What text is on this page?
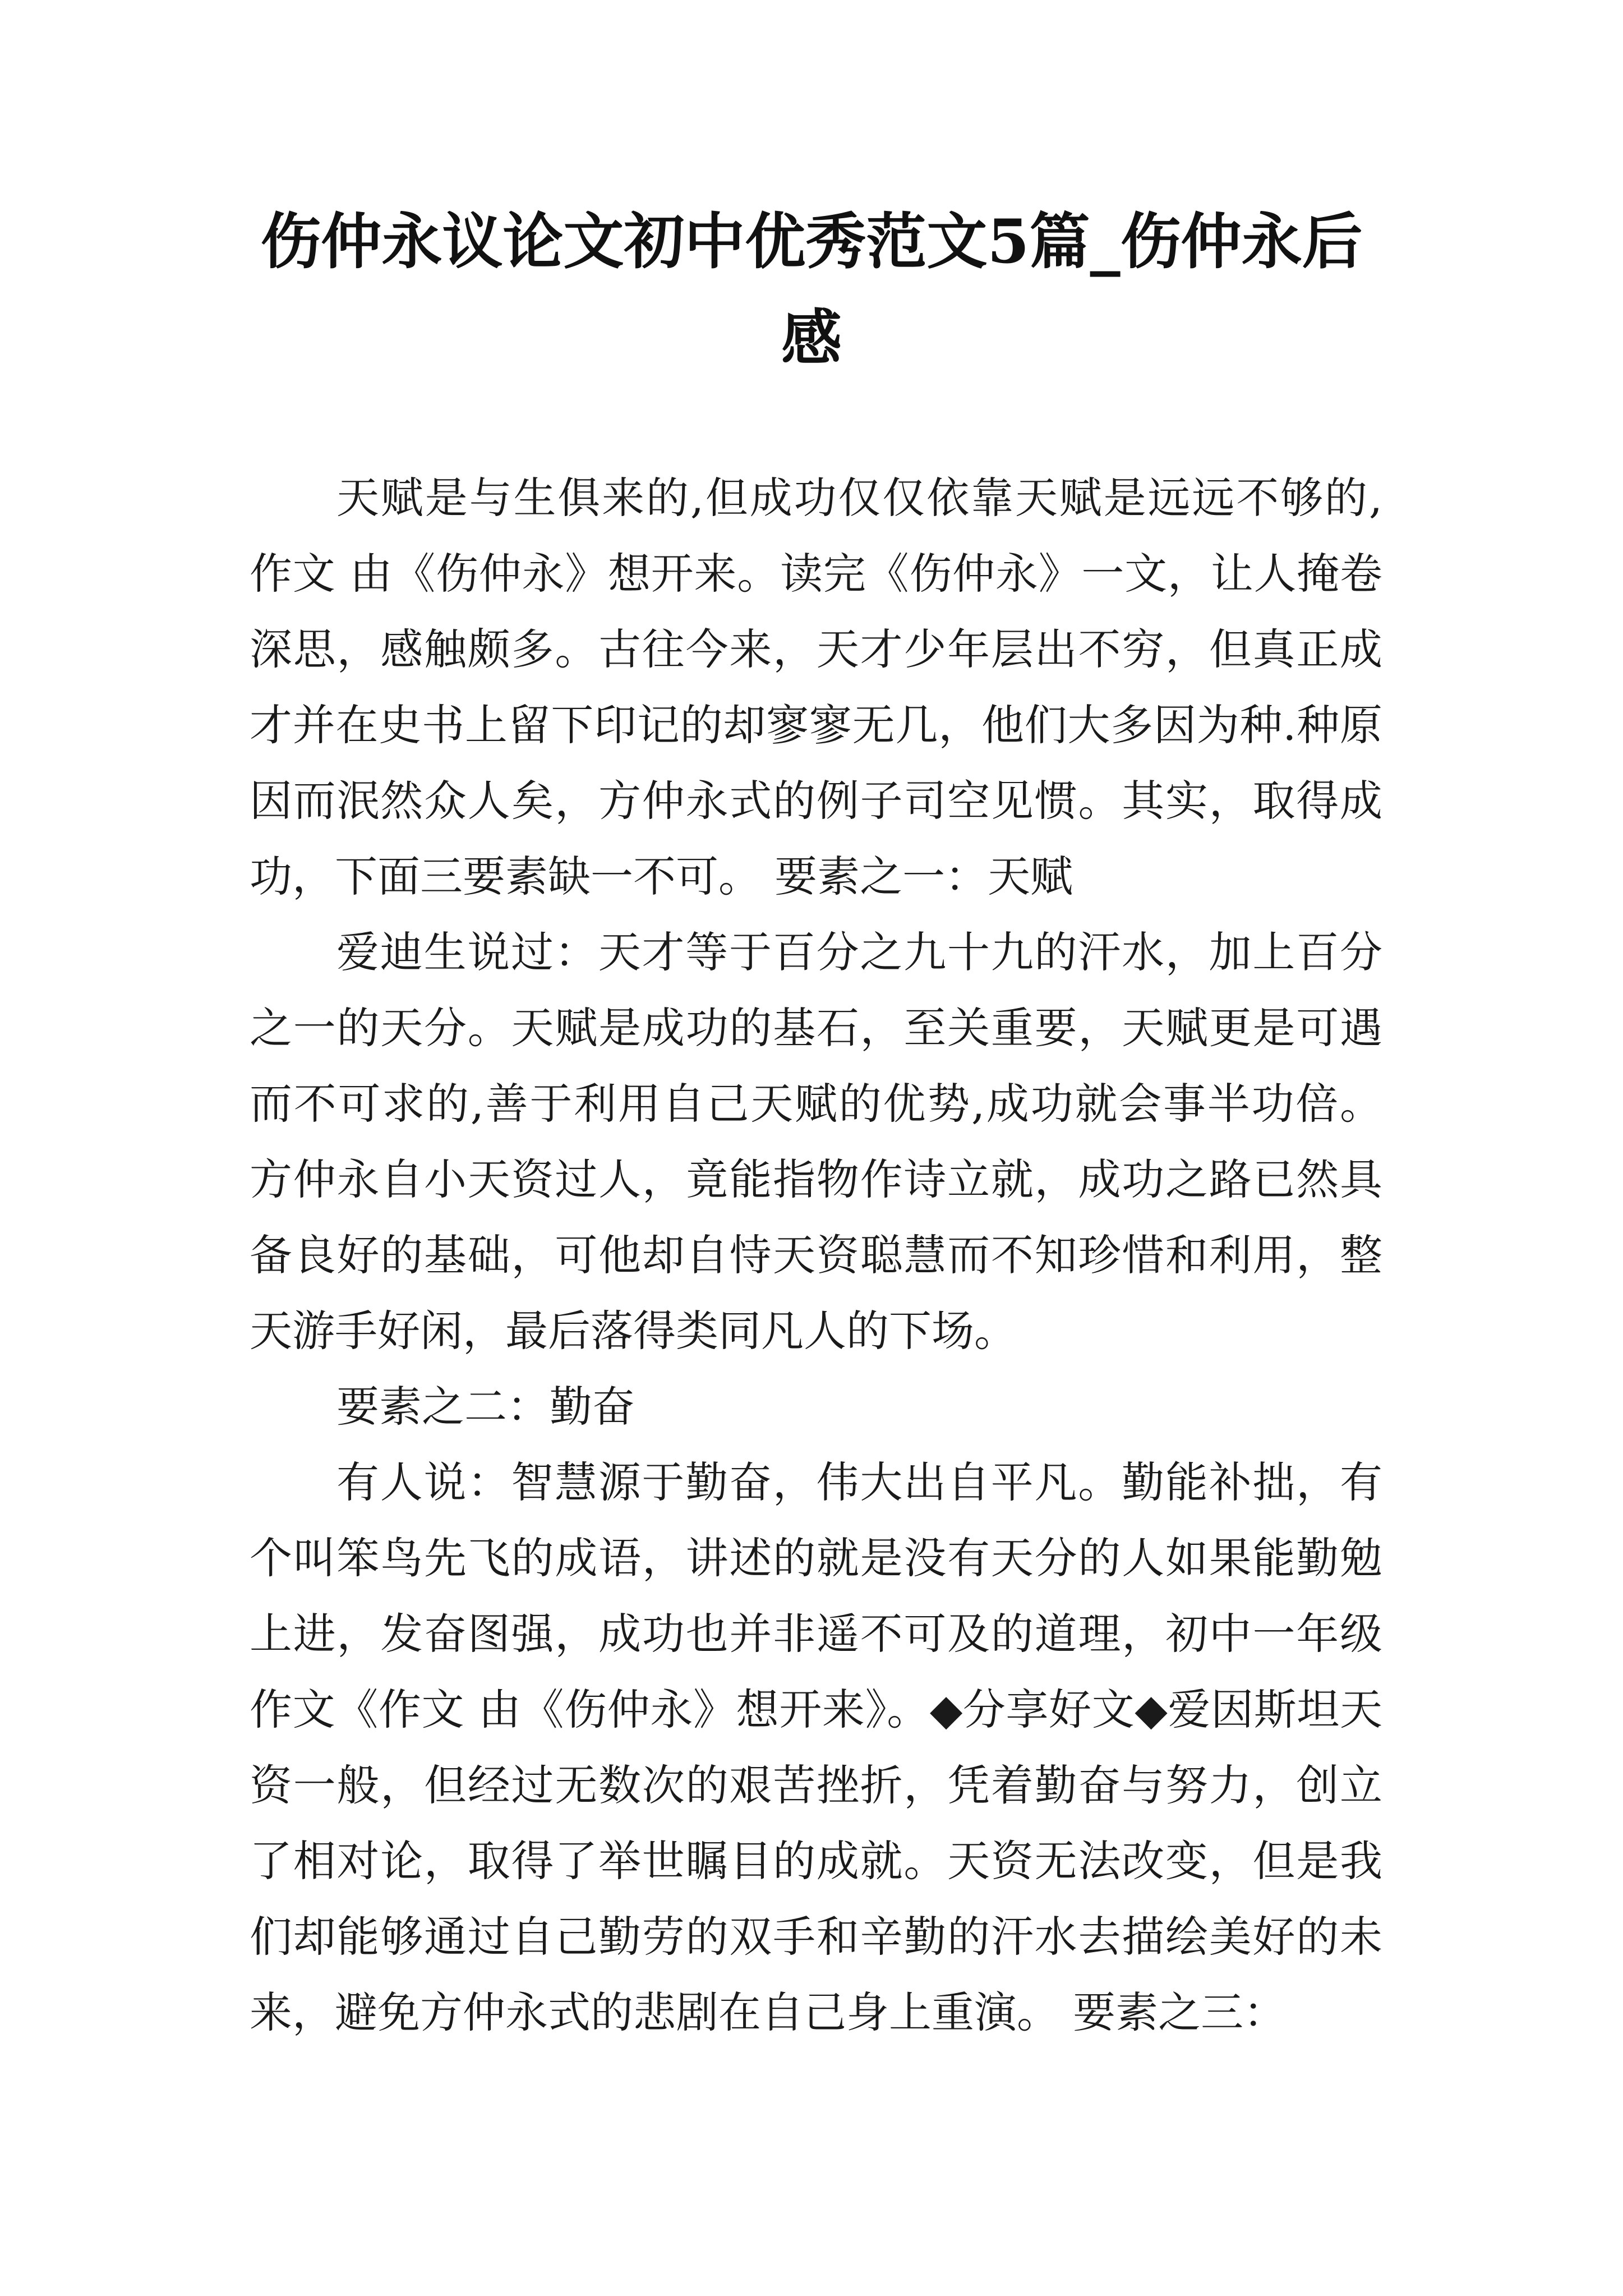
伤仲永议论文初中优秀范文5篇_伤仲永后感

天赋是与生俱来的,但成功仅仅依靠天赋是远远不够的,作文 由《伤仲永》想开来。读完《伤仲永》一文，让人掩卷深思，感触颇多。古往今来，天才少年层出不穷，但真正成才并在史书上留下印记的却寥寥无几，他们大多因为种.种原因而泯然众人矣，方仲永式的例子司空见惯。其实，取得成功，下面三要素缺一不可。 要素之一：天赋

爱迪生说过：天才等于百分之九十九的汗水，加上百分之一的天分。天赋是成功的基石，至关重要，天赋更是可遇而不可求的,善于利用自己天赋的优势,成功就会事半功倍。方仲永自小天资过人，竟能指物作诗立就，成功之路已然具备良好的基础，可他却自恃天资聪慧而不知珍惜和利用，整天游手好闲，最后落得类同凡人的下场。

要素之二：勤奋

有人说：智慧源于勤奋，伟大出自平凡。勤能补拙，有个叫笨鸟先飞的成语，讲述的就是没有天分的人如果能勤勉上进，发奋图强，成功也并非遥不可及的道理，初中一年级作文《作文 由《伤仲永》想开来》。◆分享好文◆爱因斯坦天资一般，但经过无数次的艰苦挫折，凭着勤奋与努力，创立了相对论，取得了举世瞩目的成就。天资无法改变，但是我们却能够通过自己勤劳的双手和辛勤的汗水去描绘美好的未来，避免方仲永式的悲剧在自己身上重演。 要素之三：
